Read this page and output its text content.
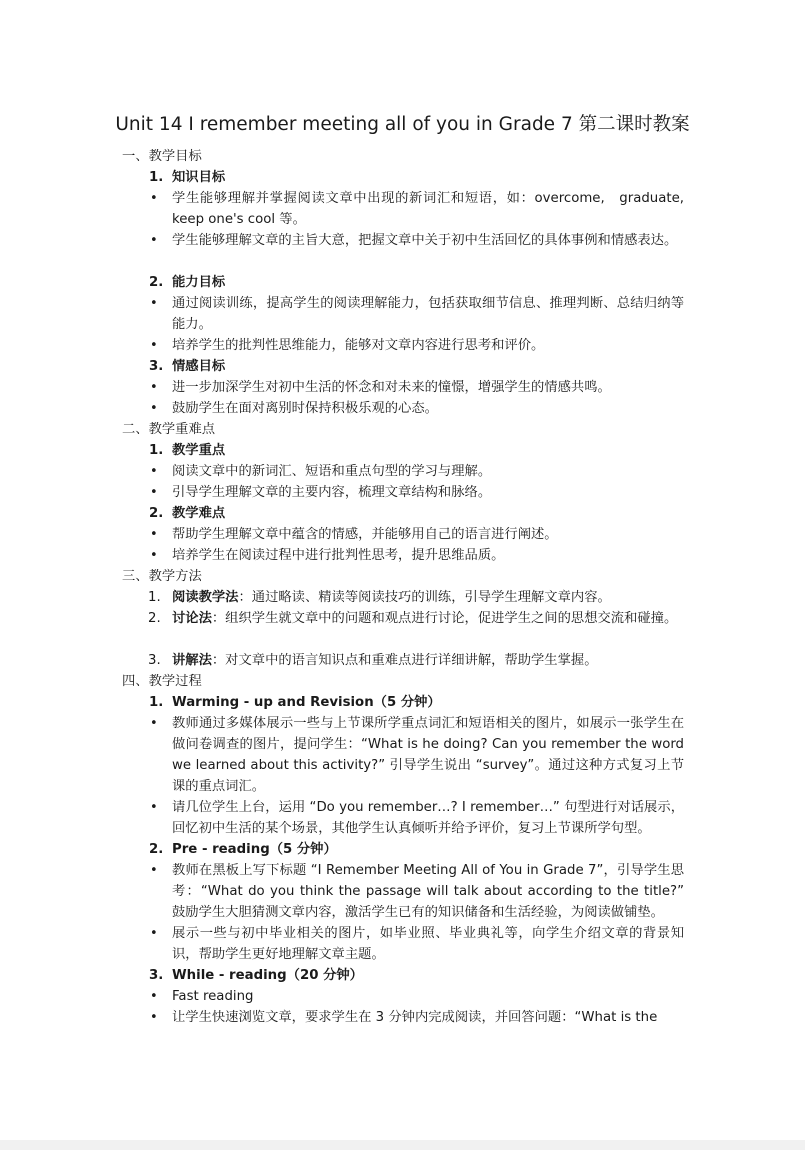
Unit 14 I remember meeting all of you in Grade 7 第二课时教案
一、教学目标
1. 知识目标
• 学生能够理解并掌握阅读文章中出现的新词汇和短语，如：overcome,　graduate, keep one's cool 等。
• 学生能够理解文章的主旨大意，把握文章中关于初中生活回忆的具体事例和情感表达。
2. 能力目标
• 通过阅读训练，提高学生的阅读理解能力，包括获取细节信息、推理判断、总结归纳等能力。
• 培养学生的批判性思维能力，能够对文章内容进行思考和评价。
3. 情感目标
• 进一步加深学生对初中生活的怀念和对未来的憧憬，增强学生的情感共鸣。
• 鼓励学生在面对离别时保持积极乐观的心态。
二、教学重难点
1. 教学重点
• 阅读文章中的新词汇、短语和重点句型的学习与理解。
• 引导学生理解文章的主要内容，梳理文章结构和脉络。
2. 教学难点
• 帮助学生理解文章中蕴含的情感，并能够用自己的语言进行阐述。
• 培养学生在阅读过程中进行批判性思考，提升思维品质。
三、教学方法
1. 阅读教学法：通过略读、精读等阅读技巧的训练，引导学生理解文章内容。
2. 讨论法：组织学生就文章中的问题和观点进行讨论，促进学生之间的思想交流和碰撞。
3. 讲解法：对文章中的语言知识点和重难点进行详细讲解，帮助学生掌握。
四、教学过程
1. Warming - up and Revision（5 分钟）
• 教师通过多媒体展示一些与上节课所学重点词汇和短语相关的图片，如展示一张学生在做问卷调查的图片，提问学生：“What is he doing? Can you remember the word we learned about this activity?” 引导学生说出 “survey”。通过这种方式复习上节课的重点词汇。
• 请几位学生上台，运用 “Do you remember…? I remember…” 句型进行对话展示，回忆初中生活的某个场景，其他学生认真倾听并给予评价，复习上节课所学句型。
2. Pre - reading（5 分钟）
• 教师在黑板上写下标题 “I Remember Meeting All of You in Grade 7”，引导学生思考：“What do you think the passage will talk about according to the title?” 鼓励学生大胆猜测文章内容，激活学生已有的知识储备和生活经验，为阅读做铺垫。
• 展示一些与初中毕业相关的图片，如毕业照、毕业典礼等，向学生介绍文章的背景知识，帮助学生更好地理解文章主题。
3. While - reading（20 分钟）
• Fast reading
• 让学生快速浏览文章，要求学生在 3 分钟内完成阅读，并回答问题：“What is the
